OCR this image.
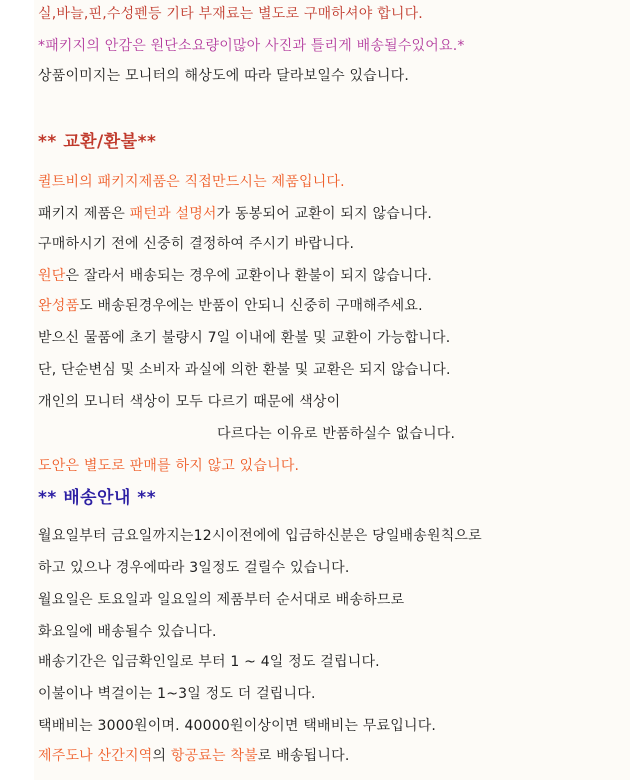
실,바늘,핀,수성펜등 기타 부재료는 별도로 구매하셔야 합니다.
*패키지의 안감은 원단소요량이많아 사진과 틀리게 배송될수있어요.*
상품이미지는 모니터의 해상도에 따라 달라보일수 있습니다.
** 교환/환불**
퀼트비의 패키지제품은 직접만드시는 제품입니다.
패키지 제품은 패턴과 설명서가 동봉되어 교환이 되지 않습니다.
구매하시기 전에 신중히 결정하여 주시기 바랍니다.
원단은 잘라서 배송되는 경우에 교환이나 환불이 되지 않습니다.
완성품도 배송된경우에는 반품이 안되니 신중히 구매해주세요.
받으신 물품에 초기 불량시 7일 이내에 환불 및 교환이 가능합니다.
단, 단순변심 및 소비자 과실에 의한 환불 및 교환은 되지 않습니다.
개인의 모니터 색상이 모두 다르기 때문에 색상이
다르다는 이유로 반품하실수 없습니다.
도안은 별도로 판매를 하지 않고 있습니다.
** 배송안내 **
월요일부터 금요일까지는12시이전에에 입금하신분은 당일배송원칙으로
하고 있으나 경우에따라 3일정도 걸릴수 있습니다.
월요일은 토요일과 일요일의 제품부터 순서대로 배송하므로
화요일에 배송될수 있습니다.
배송기간은 입금확인일로 부터 1 ~ 4일 정도 걸립니다.
이불이나 벽걸이는 1~3일 정도 더 걸립니다.
택배비는 3000원이며. 40000원이상이면 택배비는 무료입니다.
제주도나 산간지역의 항공료는 착불로 배송됩니다.
